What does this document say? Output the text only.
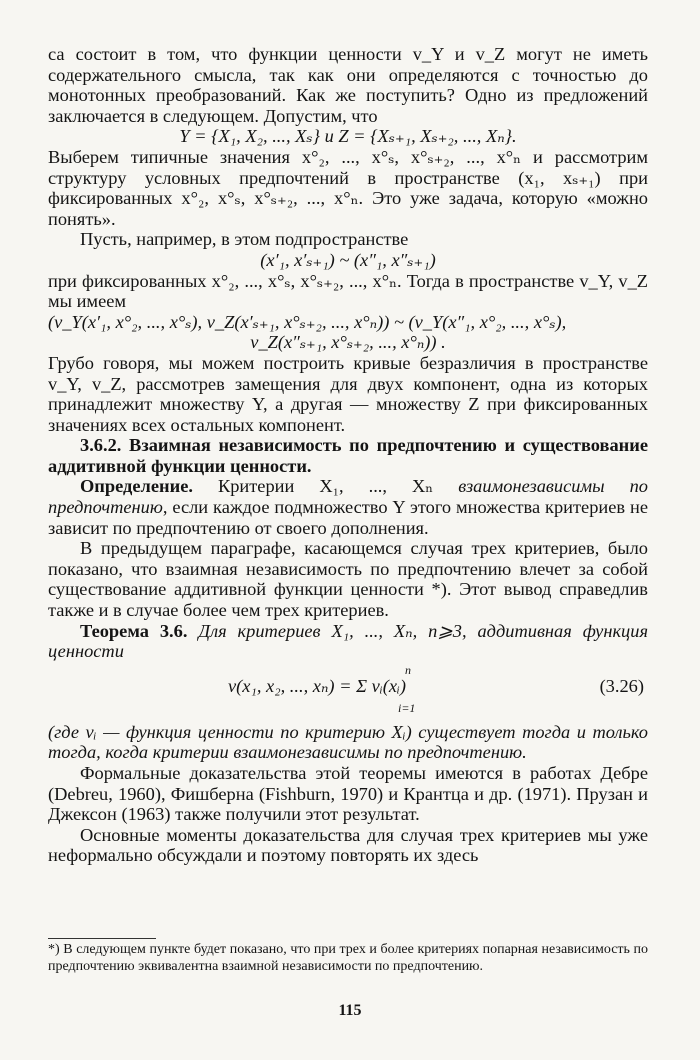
са состоит в том, что функции ценности v_Y и v_Z могут не иметь содержательного смысла, так как они определяются с точностью до монотонных преобразований. Как же поступить? Одно из предложений заключается в следующем. Допустим, что

Y = {X₁, X₂, ..., Xₛ} и Z = {Xₛ₊₁, Xₛ₊₂, ..., Xₙ}.

Выберем типичные значения x°₂, ..., x°ₛ, x°ₛ₊₂, ..., x°ₙ и рассмотрим структуру условных предпочтений в пространстве (x₁, xₛ₊₁) при фиксированных x°₂, x°ₛ, x°ₛ₊₂, ..., x°ₙ. Это уже задача, которую «можно понять».

Пусть, например, в этом подпространстве

(x′₁, x′ₛ₊₁) ~ (x″₁, x″ₛ₊₁)

при фиксированных x°₂, ..., x°ₛ, x°ₛ₊₂, ..., x°ₙ. Тогда в пространстве v_Y, v_Z мы имеем

(v_Y(x′₁, x°₂, ..., x°ₛ), v_Z(x′ₛ₊₁, x°ₛ₊₂, ..., x°ₙ)) ~ (v_Y(x″₁, x°₂, ..., x°ₛ),

v_Z(x″ₛ₊₁, x°ₛ₊₂, ..., x°ₙ)) .

Грубо говоря, мы можем построить кривые безразличия в пространстве v_Y, v_Z, рассмотрев замещения для двух компонент, одна из которых принадлежит множеству Y, а другая — множеству Z при фиксированных значениях всех остальных компонент.

3.6.2. Взаимная независимость по предпочтению и существование аддитивной функции ценности.

Определение. Критерии X₁, ..., Xₙ взаимонезависимы по предпочтению, если каждое подмножество Y этого множества критериев не зависит по предпочтению от своего дополнения.

В предыдущем параграфе, касающемся случая трех критериев, было показано, что взаимная независимость по предпочтению влечет за собой существование аддитивной функции ценности *). Этот вывод справедлив также и в случае более чем трех критериев.

Теорема 3.6. Для критериев X₁, ..., Xₙ, n⩾3, аддитивная функция ценности

n
v(x₁, x₂, ..., xₙ) = Σ vᵢ(xᵢ)
i=1
(3.26)

(где vᵢ — функция ценности по критерию Xᵢ) существует тогда и только тогда, когда критерии взаимонезависимы по предпочтению.

Формальные доказательства этой теоремы имеются в работах Дебре (Debreu, 1960), Фишберна (Fishburn, 1970) и Крантца и др. (1971). Прузан и Джексон (1963) также получили этот результат.

Основные моменты доказательства для случая трех критериев мы уже неформально обсуждали и поэтому повторять их здесь

*) В следующем пункте будет показано, что при трех и более критериях попарная независимость по предпочтению эквивалентна взаимной независимости по предпочтению.
115
